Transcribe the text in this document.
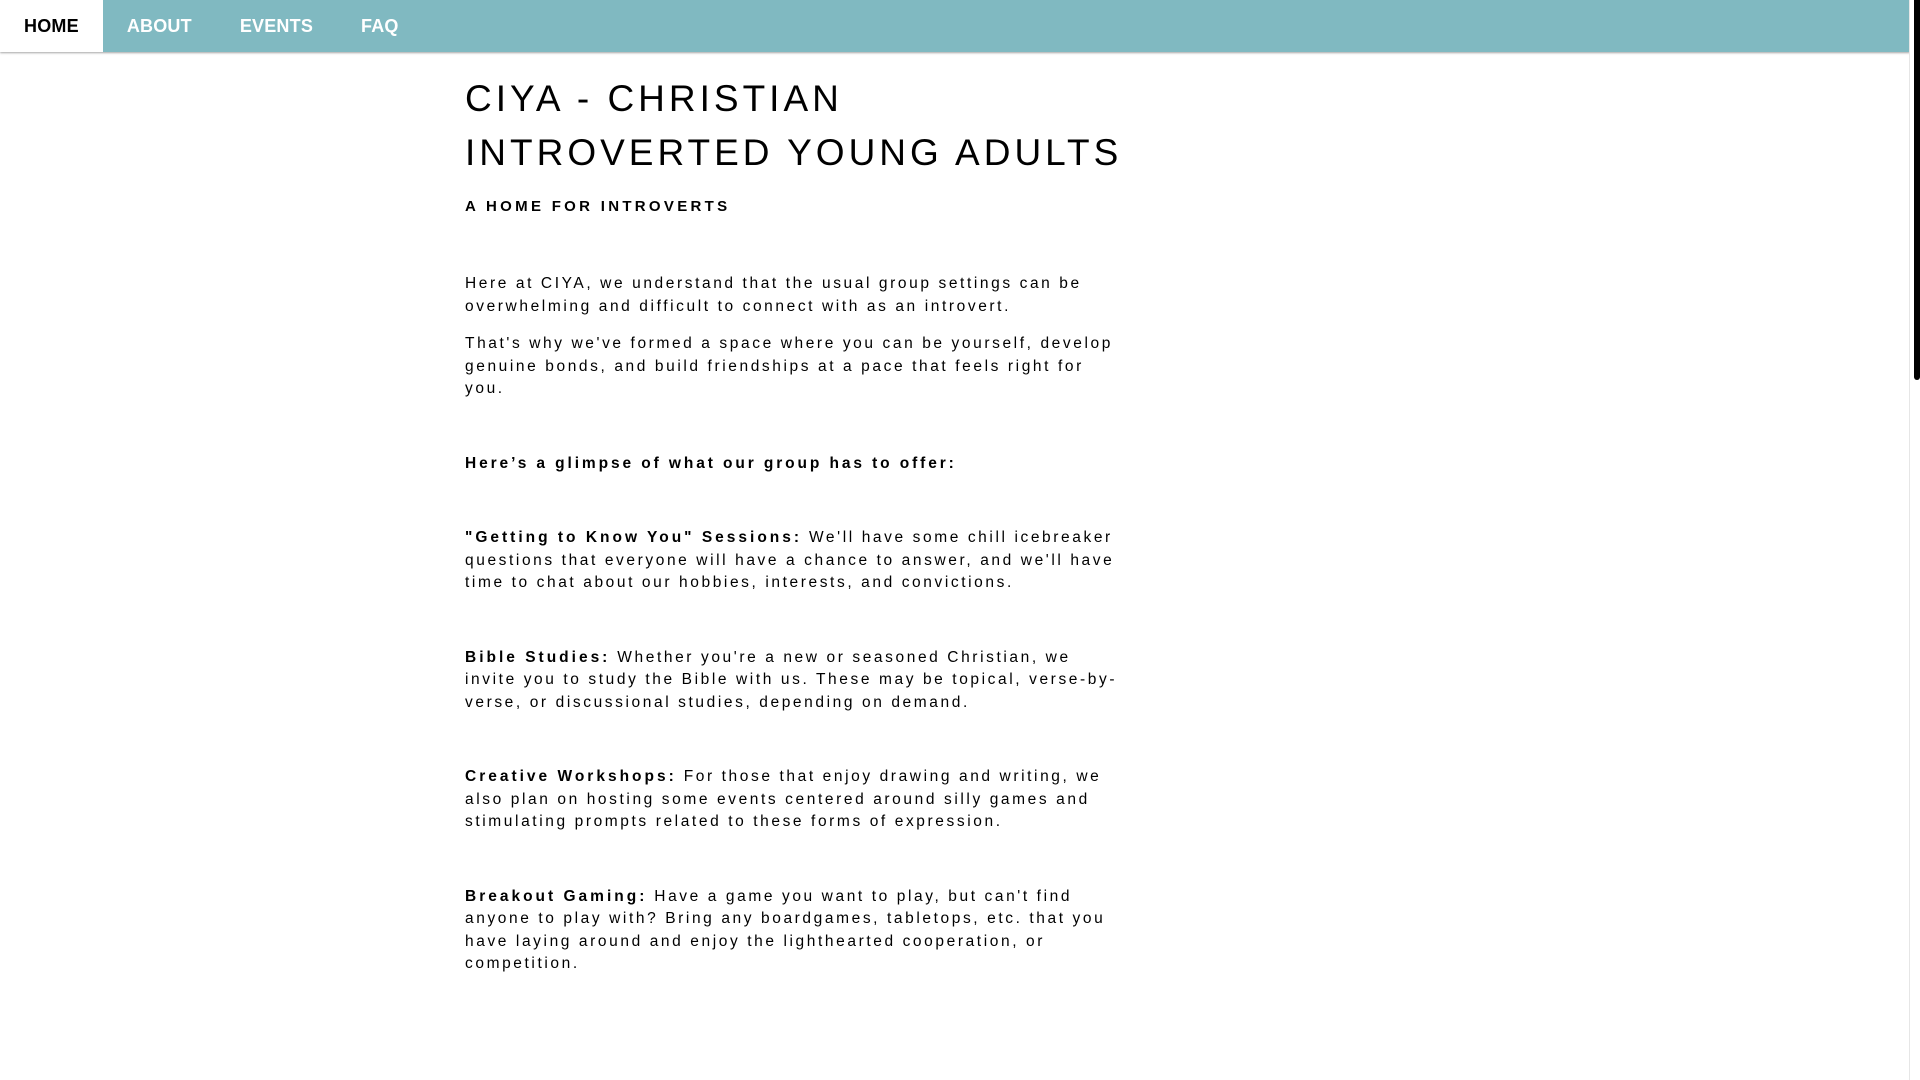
HOME	ABOUT	EVENTS	FAQ
CIYA - CHRISTIAN
INTROVERTED YOUNG ADULTS
A HOME FOR INTROVERTS

Here at CIYA, we understand that the usual group settings can be overwhelming and difficult to connect with as an introvert.

That's why we've formed a space where you can be yourself, develop genuine bonds, and build friendships at a pace that feels right for you.

Here’s a glimpse of what our group has to offer:

"Getting to Know You" Sessions: We'll have some chill icebreaker questions that everyone will have a chance to answer, and we'll have time to chat about our hobbies, interests, and convictions.

Bible Studies: Whether you're a new or seasoned Christian, we invite you to study the Bible with us. These may be topical, verse-by-verse, or discussional studies, depending on demand.

Creative Workshops: For those that enjoy drawing and writing, we also plan on hosting some events centered around silly games and stimulating prompts related to these forms of expression.

Breakout Gaming: Have a game you want to play, but can't find anyone to play with? Bring any boardgames, tabletops, etc. that you have laying around and enjoy the lighthearted cooperation, or competition.
